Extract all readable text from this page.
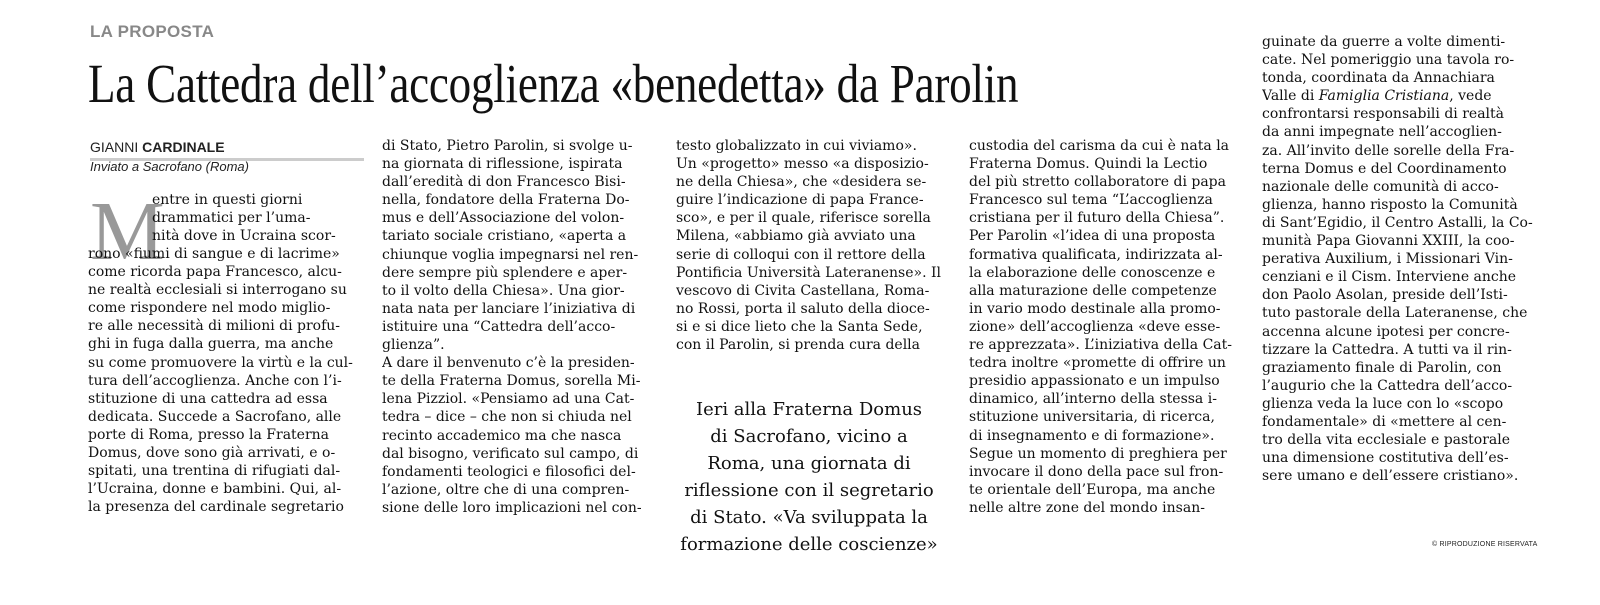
LA PROPOSTA
La Cattedra dell’accoglienza «benedetta» da Parolin
GIANNI CARDINALE
Inviato a Sacrofano (Roma)
M
entre in questi giorni
drammatici per l’uma-
nità dove in Ucraina scor-
rono «fiumi di sangue e di lacrime»
come ricorda papa Francesco, alcu-
ne realtà ecclesiali si interrogano su
come rispondere nel modo miglio-
re alle necessità di milioni di profu-
ghi in fuga dalla guerra, ma anche
su come promuovere la virtù e la cul-
tura dell’accoglienza. Anche con l’i-
stituzione di una cattedra ad essa
dedicata. Succede a Sacrofano, alle
porte di Roma, presso la Fraterna
Domus, dove sono già arrivati, e o-
spitati, una trentina di rifugiati dal-
l’Ucraina, donne e bambini. Qui, al-
la presenza del cardinale segretario
di Stato, Pietro Parolin, si svolge u-
na giornata di riflessione, ispirata
dall’eredità di don Francesco Bisi-
nella, fondatore della Fraterna Do-
mus e dell’Associazione del volon-
tariato sociale cristiano, «aperta a
chiunque voglia impegnarsi nel ren-
dere sempre più splendere e aper-
to il volto della Chiesa». Una gior-
nata nata per lanciare l’iniziativa di
istituire una “Cattedra dell’acco-
glienza”.
A dare il benvenuto c’è la presiden-
te della Fraterna Domus, sorella Mi-
lena Pizziol. «Pensiamo ad una Cat-
tedra – dice – che non si chiuda nel
recinto accademico ma che nasca
dal bisogno, verificato sul campo, di
fondamenti teologici e filosofici del-
l’azione, oltre che di una compren-
sione delle loro implicazioni nel con-
testo globalizzato in cui viviamo».
Un «progetto» messo «a disposizio-
ne della Chiesa», che «desidera se-
guire l’indicazione di papa France-
sco», e per il quale, riferisce sorella
Milena, «abbiamo già avviato una
serie di colloqui con il rettore della
Pontificia Università Lateranense». Il
vescovo di Civita Castellana, Roma-
no Rossi, porta il saluto della dioce-
si e si dice lieto che la Santa Sede,
con il Parolin, si prenda cura della
Ieri alla Fraterna Domus
di Sacrofano, vicino a
Roma, una giornata di
riflessione con il segretario
di Stato. «Va sviluppata la
formazione delle coscienze»
custodia del carisma da cui è nata la
Fraterna Domus. Quindi la Lectio
del più stretto collaboratore di papa
Francesco sul tema “L’accoglienza
cristiana per il futuro della Chiesa”.
Per Parolin «l’idea di una proposta
formativa qualificata, indirizzata al-
la elaborazione delle conoscenze e
alla maturazione delle competenze
in vario modo destinale alla promo-
zione» dell’accoglienza «deve esse-
re apprezzata». L’iniziativa della Cat-
tedra inoltre «promette di offrire un
presidio appassionato e un impulso
dinamico, all’interno della stessa i-
stituzione universitaria, di ricerca,
di insegnamento e di formazione».
Segue un momento di preghiera per
invocare il dono della pace sul fron-
te orientale dell’Europa, ma anche
nelle altre zone del mondo insan-
guinate da guerre a volte dimenti-
cate. Nel pomeriggio una tavola ro-
tonda, coordinata da Annachiara
Valle di Famiglia Cristiana, vede
confrontarsi responsabili di realtà
da anni impegnate nell’accoglien-
za. All’invito delle sorelle della Fra-
terna Domus e del Coordinamento
nazionale delle comunità di acco-
glienza, hanno risposto la Comunità
di Sant’Egidio, il Centro Astalli, la Co-
munità Papa Giovanni XXIII, la coo-
perativa Auxilium, i Missionari Vin-
cenziani e il Cism. Interviene anche
don Paolo Asolan, preside dell’Isti-
tuto pastorale della Lateranense, che
accenna alcune ipotesi per concre-
tizzare la Cattedra. A tutti va il rin-
graziamento finale di Parolin, con
l’augurio che la Cattedra dell’acco-
glienza veda la luce con lo «scopo
fondamentale» di «mettere al cen-
tro della vita ecclesiale e pastorale
una dimensione costitutiva dell’es-
sere umano e dell’essere cristiano».
© RIPRODUZIONE RISERVATA
